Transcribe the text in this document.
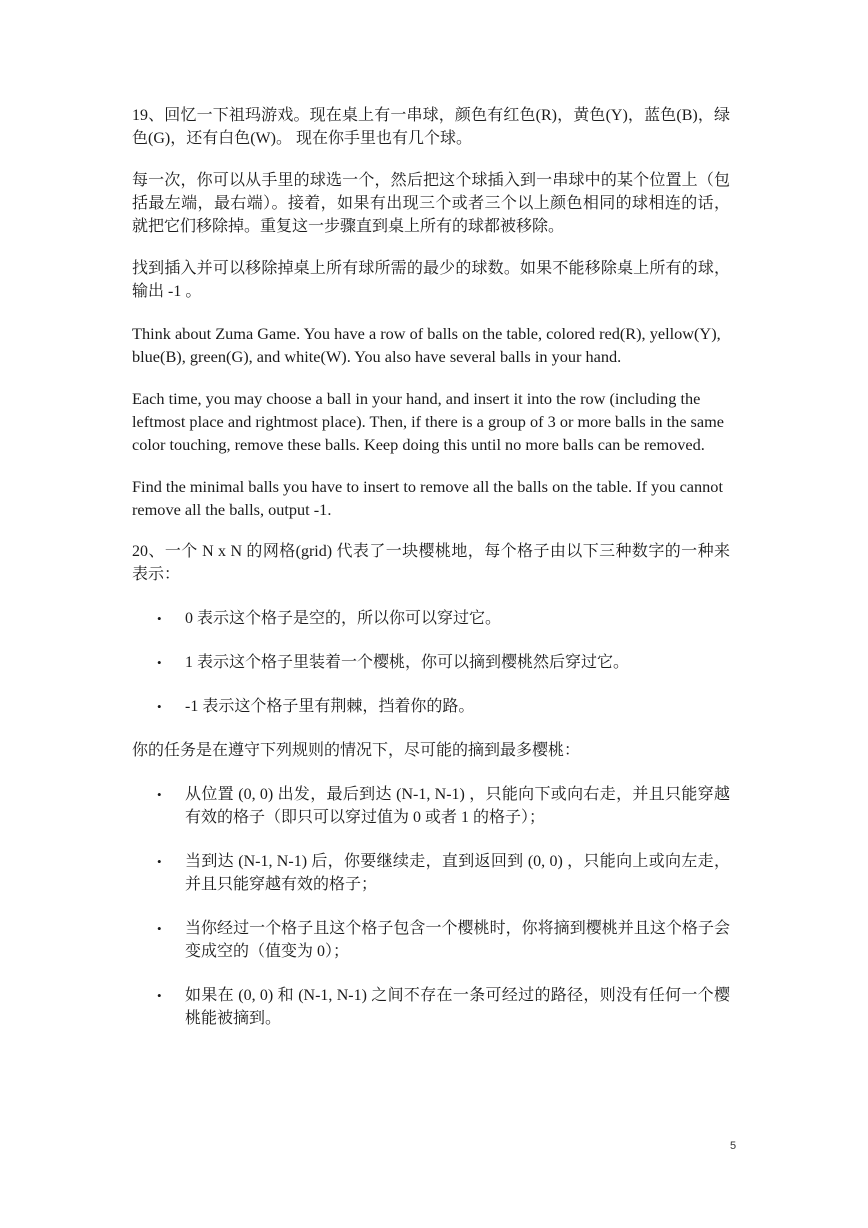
19、回忆一下祖玛游戏。现在桌上有一串球，颜色有红色(R)，黄色(Y)，蓝色(B)，绿色(G)，还有白色(W)。 现在你手里也有几个球。

每一次，你可以从手里的球选一个，然后把这个球插入到一串球中的某个位置上（包括最左端，最右端）。接着，如果有出现三个或者三个以上颜色相同的球相连的话，就把它们移除掉。重复这一步骤直到桌上所有的球都被移除。

找到插入并可以移除掉桌上所有球所需的最少的球数。如果不能移除桌上所有的球，输出 -1 。

Think about Zuma Game. You have a row of balls on the table, colored red(R), yellow(Y), blue(B), green(G), and white(W). You also have several balls in your hand.

Each time, you may choose a ball in your hand, and insert it into the row (including the leftmost place and rightmost place). Then, if there is a group of 3 or more balls in the same color touching, remove these balls. Keep doing this until no more balls can be removed.

Find the minimal balls you have to insert to remove all the balls on the table. If you cannot remove all the balls, output -1.

20、一个 N x N 的网格(grid) 代表了一块樱桃地，每个格子由以下三种数字的一种来表示：

• 0 表示这个格子是空的，所以你可以穿过它。
• 1 表示这个格子里装着一个樱桃，你可以摘到樱桃然后穿过它。
• -1 表示这个格子里有荆棘，挡着你的路。

你的任务是在遵守下列规则的情况下，尽可能的摘到最多樱桃：

• 从位置 (0, 0) 出发，最后到达 (N-1, N-1) ，只能向下或向右走，并且只能穿越有效的格子（即只可以穿过值为 0 或者 1 的格子）；
• 当到达 (N-1, N-1) 后，你要继续走，直到返回到 (0, 0) ，只能向上或向左走，并且只能穿越有效的格子；
• 当你经过一个格子且这个格子包含一个樱桃时，你将摘到樱桃并且这个格子会变成空的（值变为 0）；
• 如果在 (0, 0) 和 (N-1, N-1) 之间不存在一条可经过的路径，则没有任何一个樱桃能被摘到。
5
